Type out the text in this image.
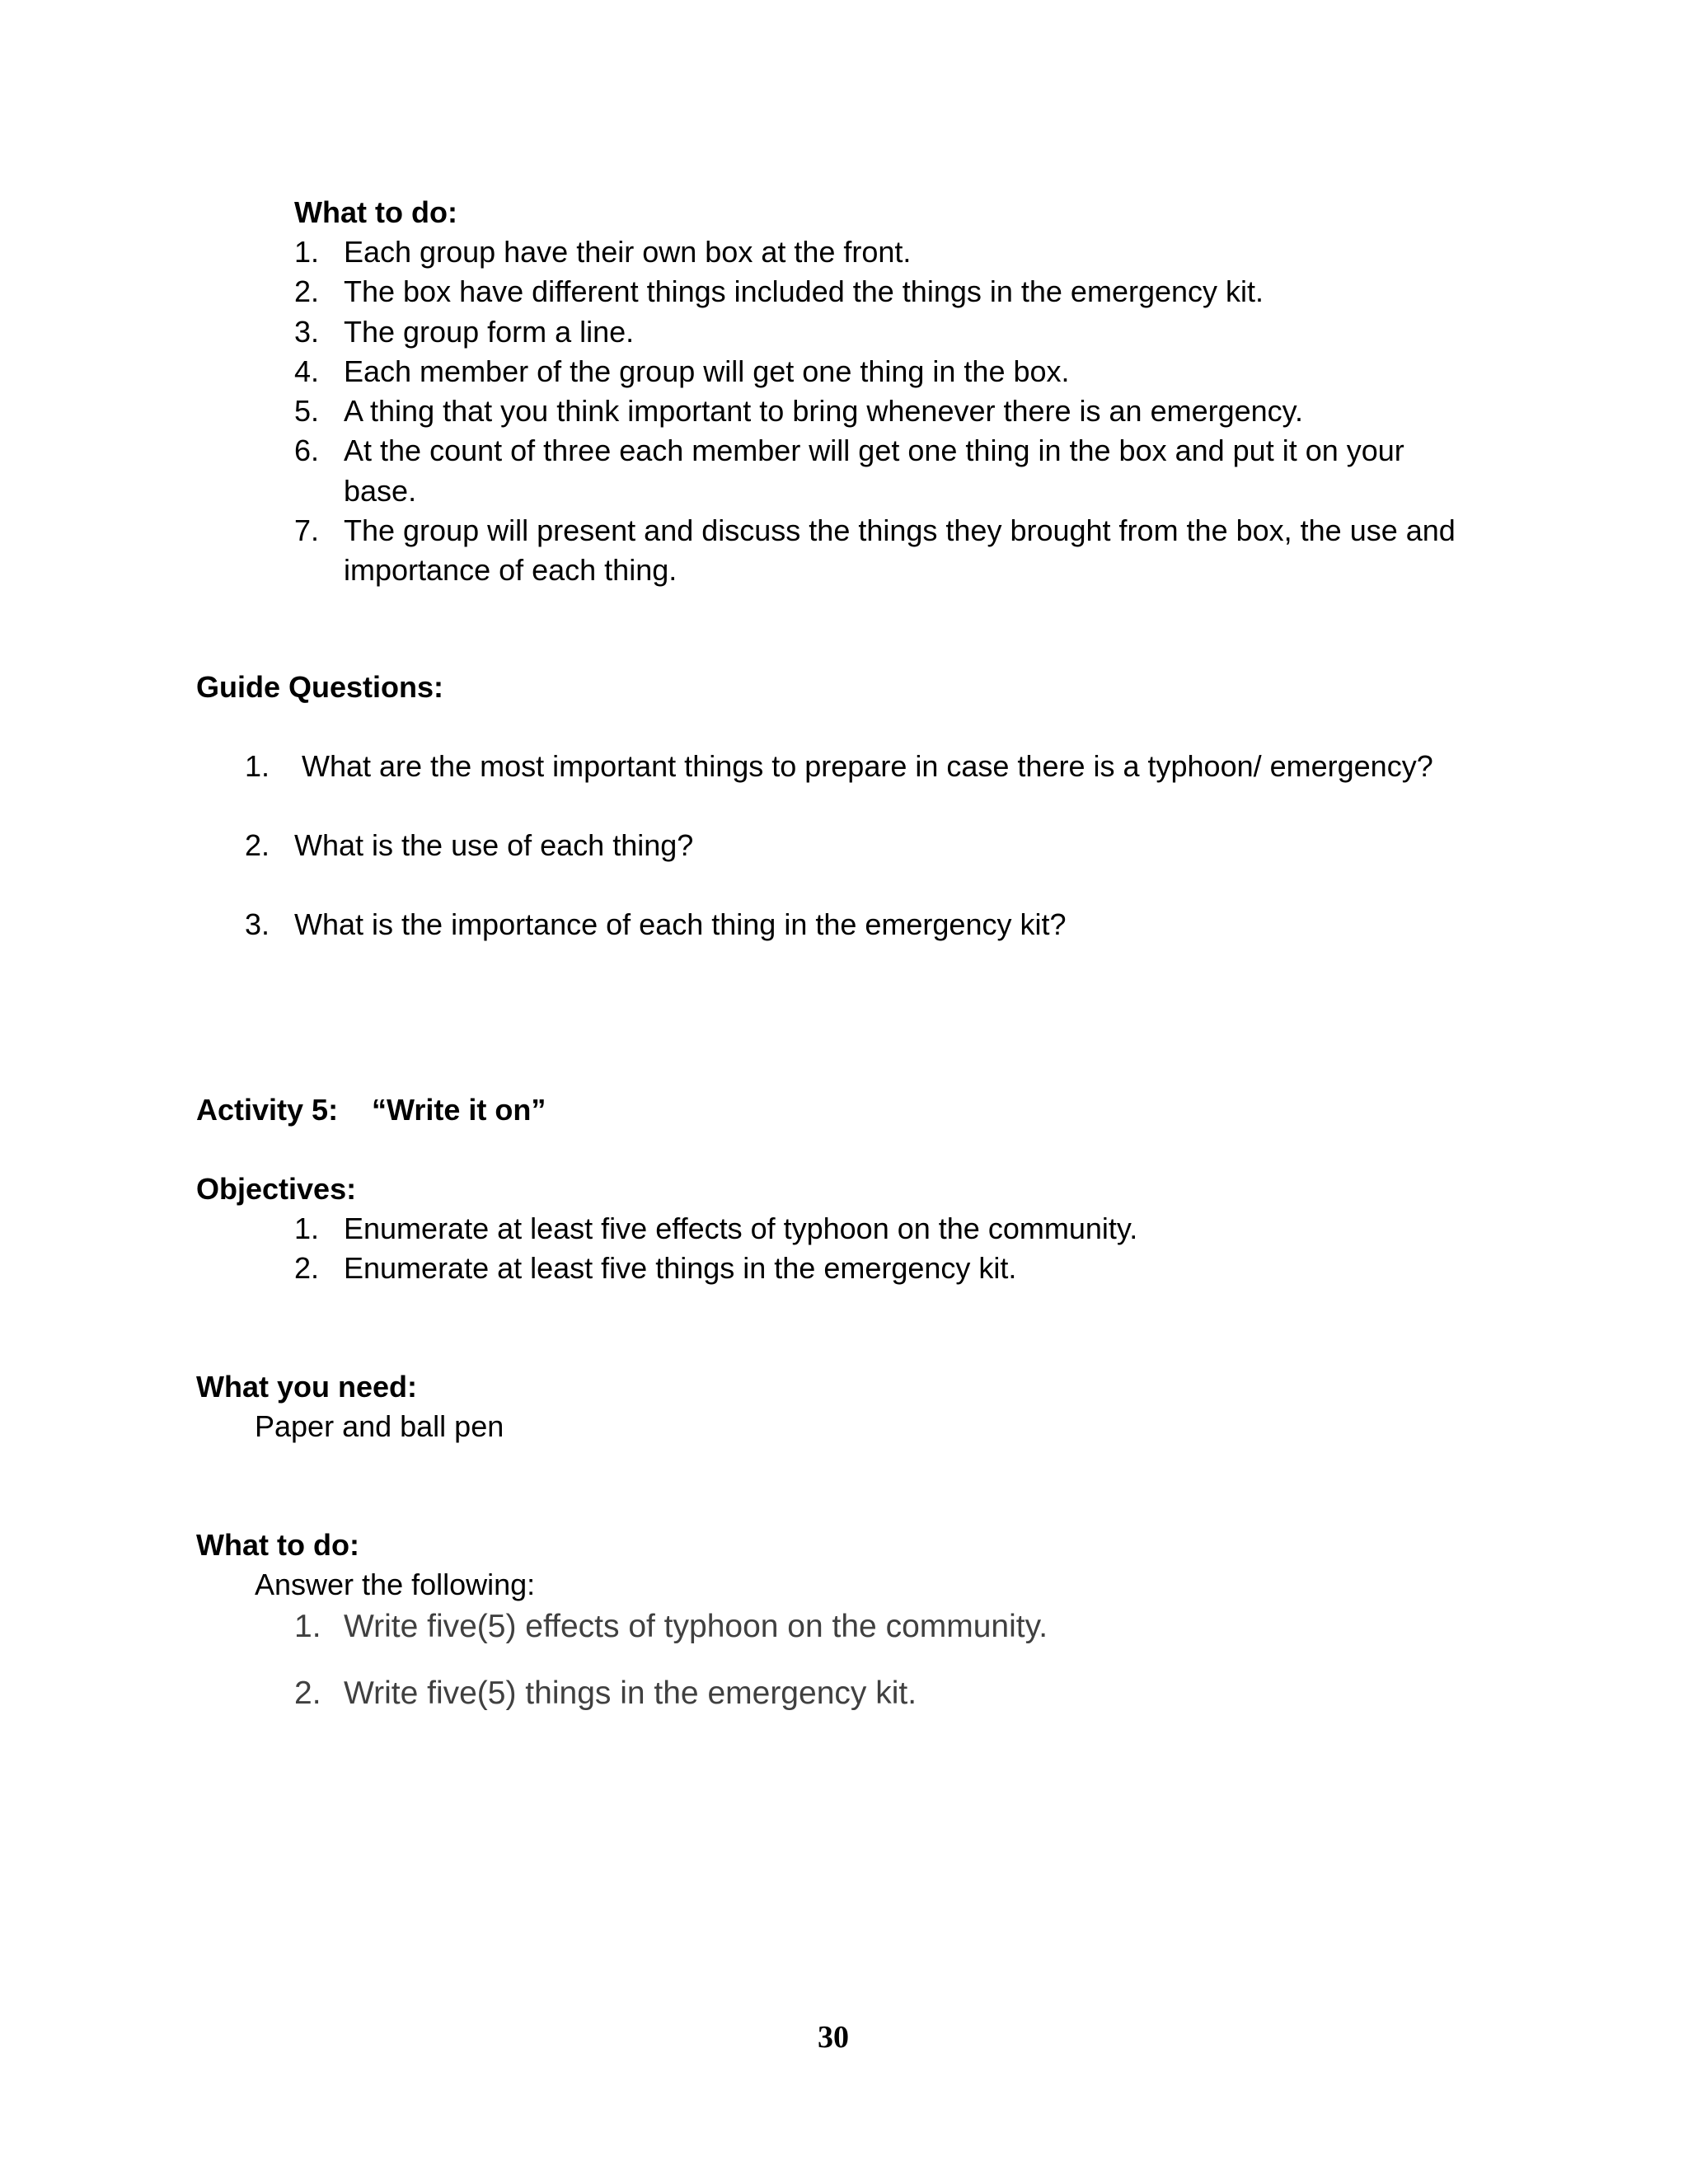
What to do:
1. Each group have their own box at the front.
2. The box have different things included the things in the emergency kit.
3. The group form a line.
4. Each member of the group will get one thing in the box.
5. A thing that you think important to bring whenever there is an emergency.
6. At the count of three each member will get one thing in the box and put it on your
base.
7. The group will present and discuss the things they brought from the box, the use and
importance of each thing.
Guide Questions:
1. What are the most important things to prepare in case there is a typhoon/ emergency?
2. What is the use of each thing?
3. What is the importance of each thing in the emergency kit?
Activity 5: “Write it on”
Objectives:
1. Enumerate at least five effects of typhoon on the community.
2. Enumerate at least five things in the emergency kit.
What you need:
Paper and ball pen
What to do:
Answer the following:
1. Write five(5) effects of typhoon on the community.
2. Write five(5) things in the emergency kit.
30
